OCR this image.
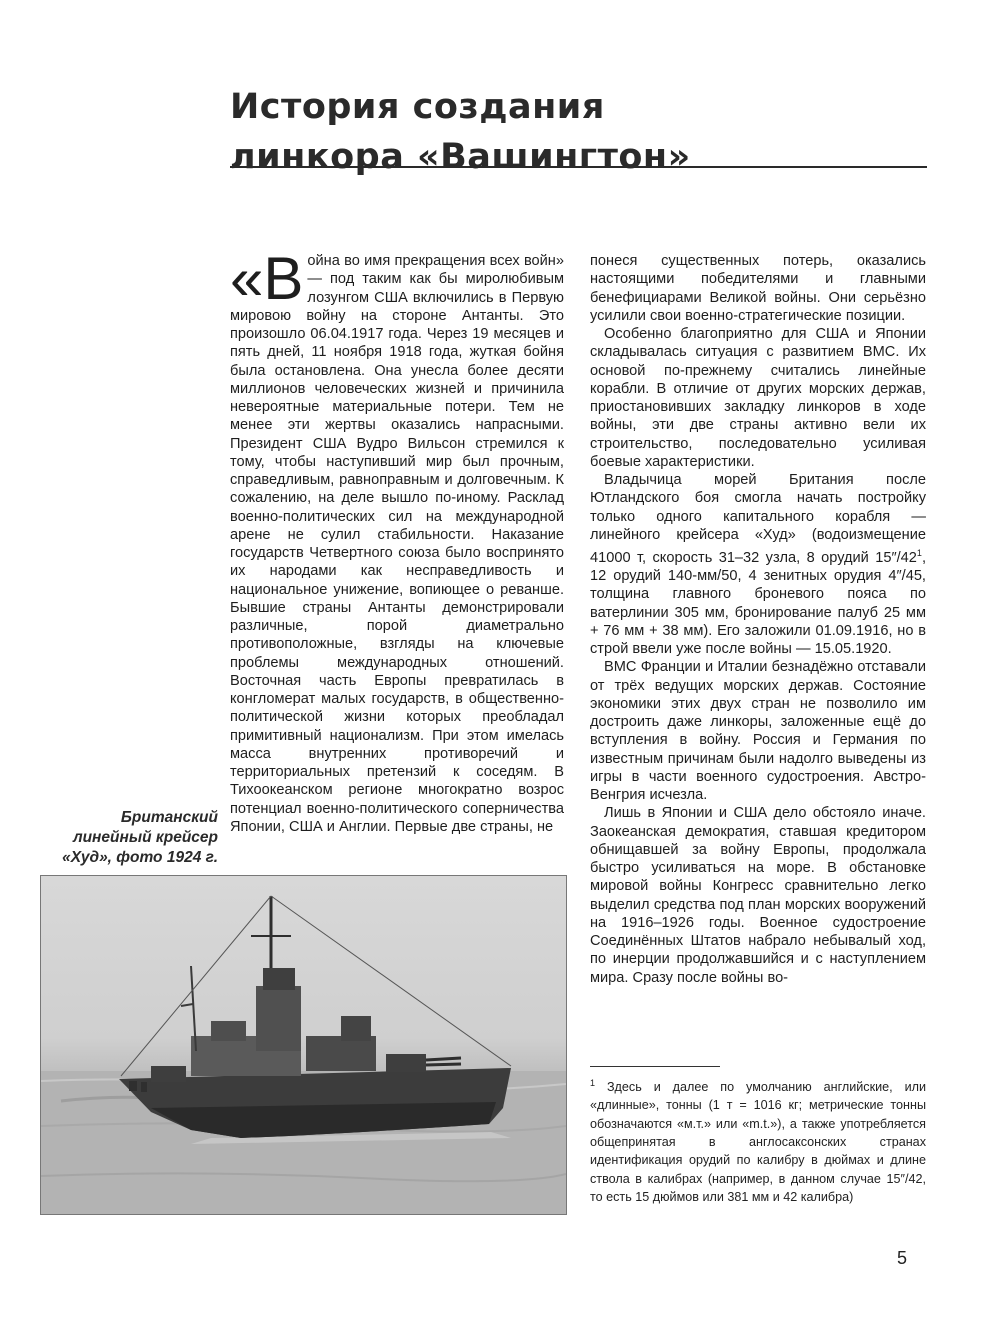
История создания
линкора «Вашингтон»

«Война во имя прекращения всех войн» — под таким как бы миролюбивым лозунгом США включились в Первую мировою войну на стороне Антанты. Это произошло 06.04.1917 года. Через 19 месяцев и пять дней, 11 ноября 1918 года, жуткая бойня была остановлена. Она унесла более десяти миллионов человеческих жизней и причинила невероятные материальные потери. Тем не менее эти жертвы оказались напрасными. Президент США Вудро Вильсон стремился к тому, чтобы наступивший мир был прочным, справедливым, равноправным и долговечным. К сожалению, на деле вышло по-иному. Расклад военно-политических сил на международной арене не сулил стабильности. Наказание государств Четвертного союза было воспринято их народами как несправедливость и национальное унижение, вопиющее о реванше. Бывшие страны Антанты демонстрировали различные, порой диаметрально противоположные, взгляды на ключевые проблемы международных отношений. Восточная часть Европы превратилась в конгломерат малых государств, в общественно-политической жизни которых преобладал примитивный национализм. При этом имелась масса внутренних противоречий и территориальных претензий к соседям. В Тихоокеанском регионе многократно возрос потенциал военно-политического соперничества Японии, США и Англии. Первые две страны, не

понеся существенных потерь, оказались настоящими победителями и главными бенефициарами Великой войны. Они серьёзно усилили свои военно-стратегические позиции.

Особенно благоприятно для США и Японии складывалась ситуация с развитием ВМС. Их основой по-прежнему считались линейные корабли. В отличие от других морских держав, приостановивших закладку линкоров в ходе войны, эти две страны активно вели их строительство, последовательно усиливая боевые характеристики.

Владычица морей Британия после Ютландского боя смогла начать постройку только одного капитального корабля — линейного крейсера «Худ» (водоизмещение 41000 т, скорость 31–32 узла, 8 орудий $15''/42^1$, 12 орудий 140-мм/50, 4 зенитных орудия 4″/45, толщина главного броневого пояса по ватерлинии 305 мм, бронирование палуб 25 мм + 76 мм + 38 мм). Его заложили 01.09.1916, но в строй ввели уже после войны — 15.05.1920.

ВМС Франции и Италии безнадёжно отставали от трёх ведущих морских держав. Состояние экономики этих двух стран не позволило им достроить даже линкоры, заложенные ещё до вступления в войну. Россия и Германия по известным причинам были надолго выведены из игры в части военного судостроения. Австро-Венгрия исчезла.

Лишь в Японии и США дело обстояло иначе. Заокеанская демократия, ставшая кредитором обнищавшей за войну Европы, продолжала быстро усиливаться на море. В обстановке мировой войны Конгресс сравнительно легко выделил средства под план морских вооружений на 1916–1926 годы. Военное судостроение Соединённых Штатов набрало небывалый ход, по инерции продолжавшийся и с наступлением мира. Сразу после войны во-

Британский линейный крейсер «Худ», фото 1924 г.
$^1$ Здесь и далее по умолчанию английские, или «длинные», тонны (1 т = 1016 кг; метрические тонны обозначаются «м.т.» или «m.t.»), а также употребляется общепринятая в англосаксонских странах идентификация орудий по калибру в дюймах и длине ствола в калибрах (например, в данном случае 15″/42, то есть 15 дюймов или 381 мм и 42 калибра)
5
